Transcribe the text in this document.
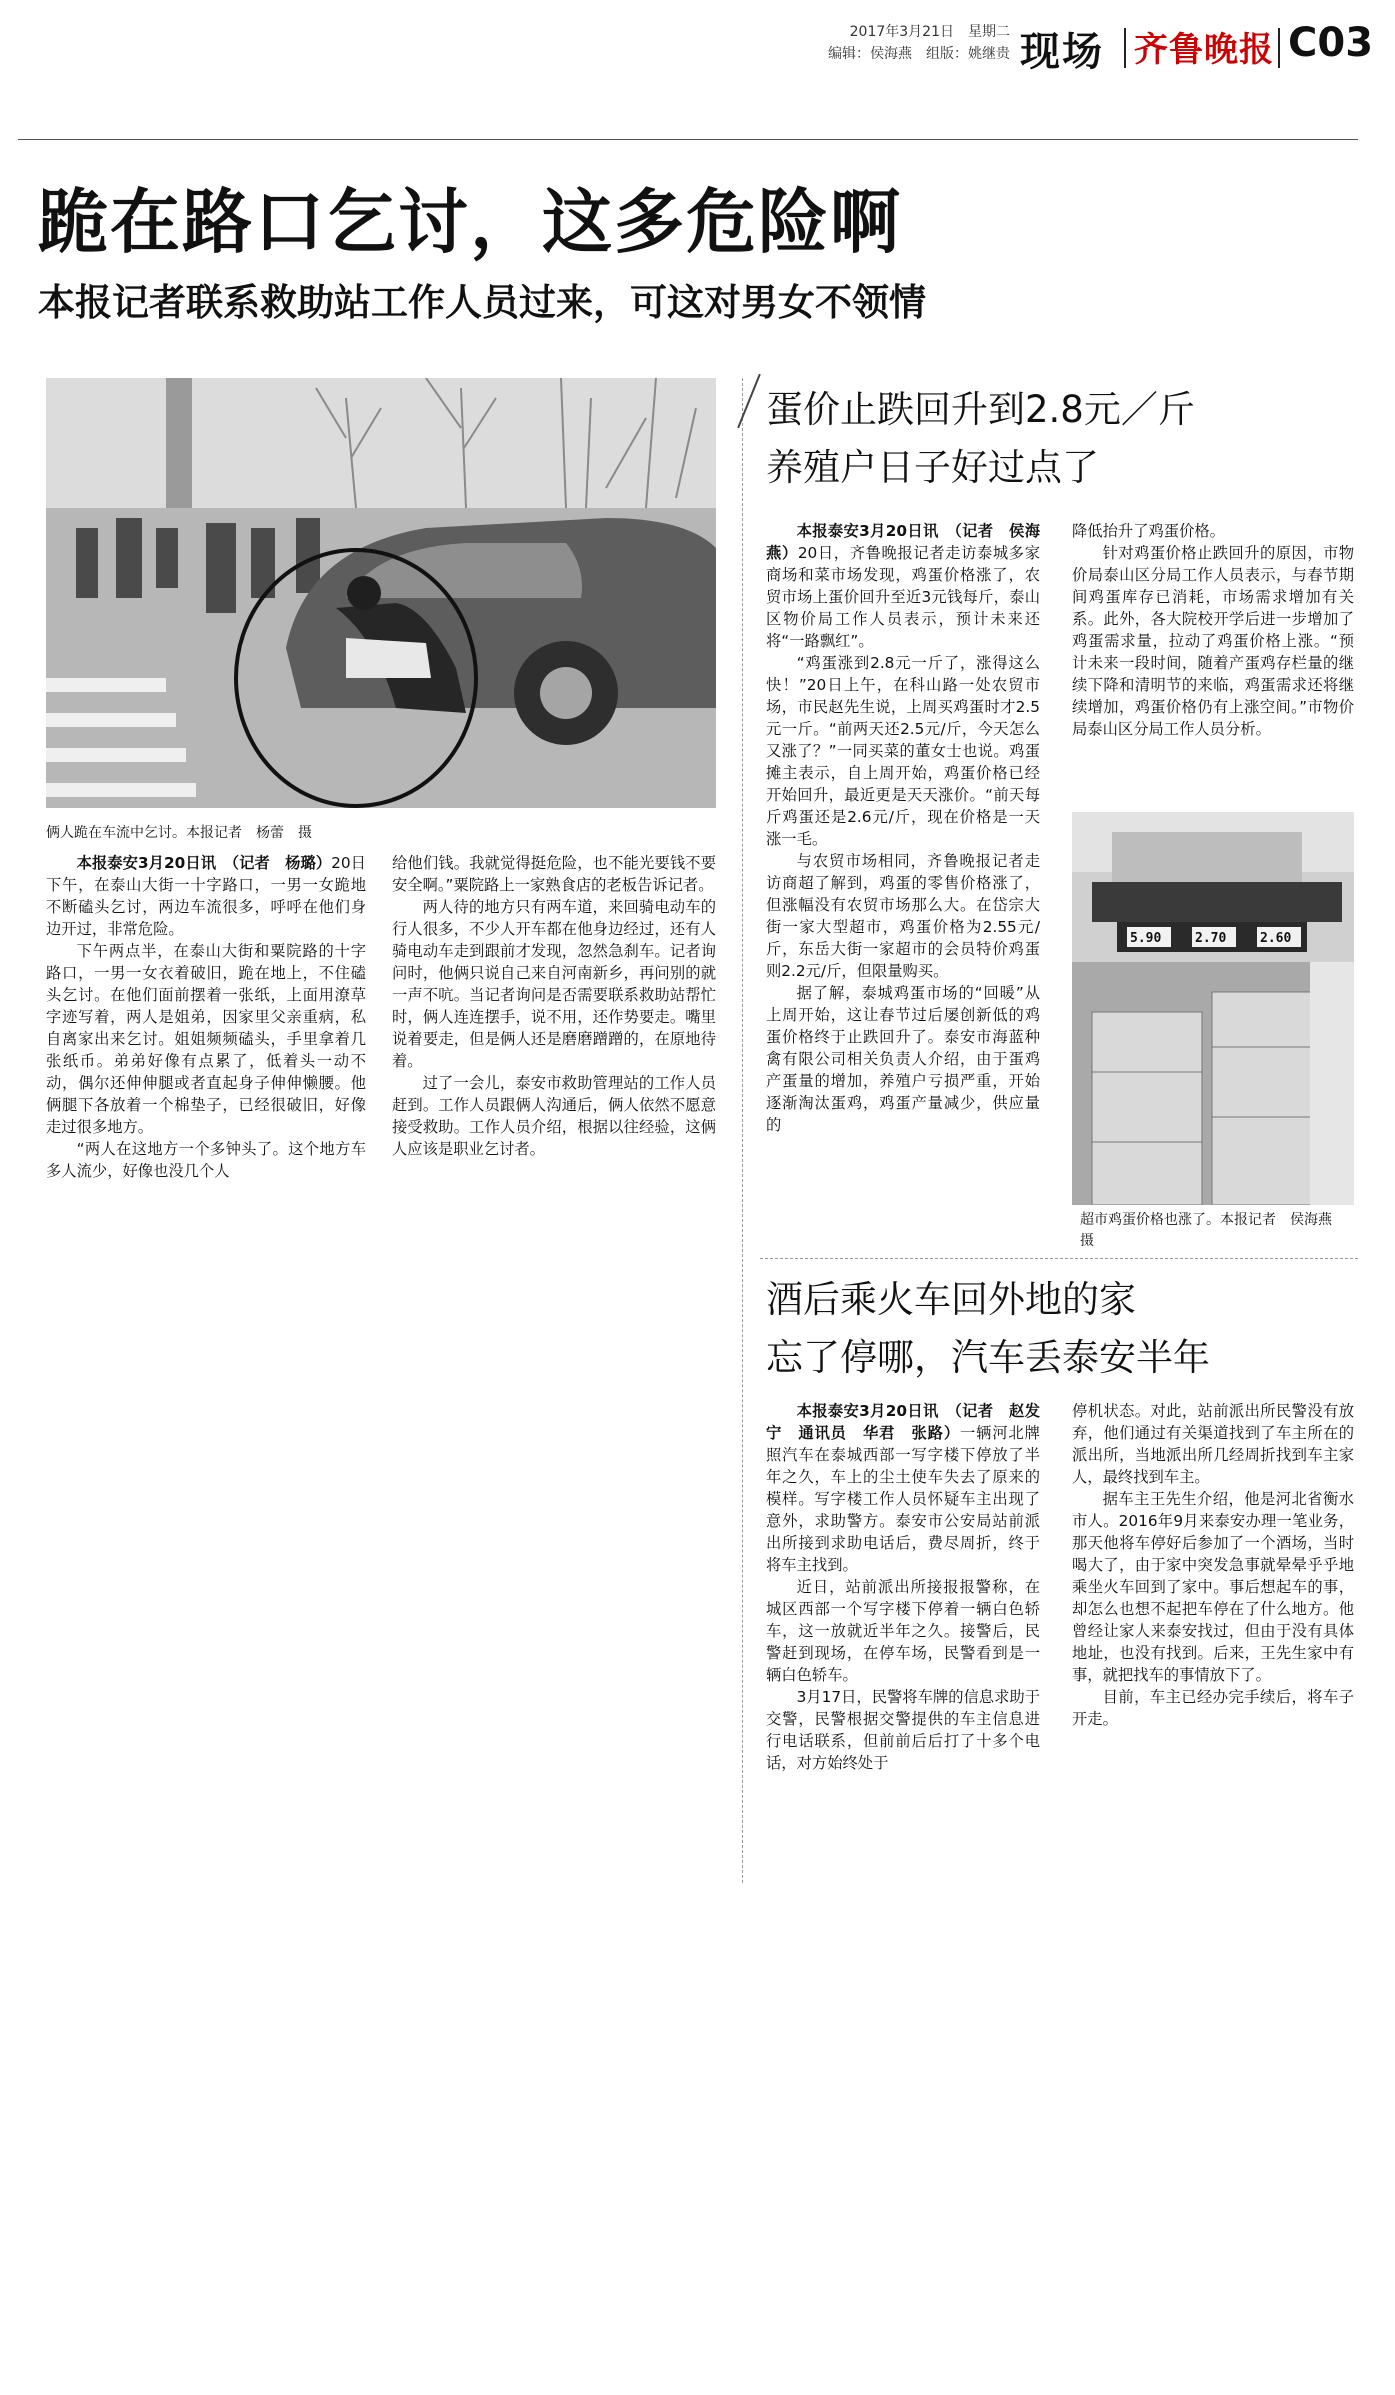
2017年3月21日　星期二
编辑：侯海燕　组版：姚继贵 现场 齐鲁晚报 C03
跪在路口乞讨，这多危险啊
本报记者联系救助站工作人员过来，可这对男女不领情
俩人跪在车流中乞讨。本报记者　杨蕾　摄

本报泰安3月20日讯　（记者　杨璐）20日下午，在泰山大街一十字路口，一男一女跪地不断磕头乞讨，两边车流很多，呼呼在他们身边开过，非常危险。

下午两点半，在泰山大街和粟院路的十字路口，一男一女衣着破旧，跪在地上，不住磕头乞讨。在他们面前摆着一张纸，上面用潦草字迹写着，两人是姐弟，因家里父亲重病，私自离家出来乞讨。姐姐频频磕头，手里拿着几张纸币。弟弟好像有点累了，低着头一动不动，偶尔还伸伸腿或者直起身子伸伸懒腰。他俩腿下各放着一个棉垫子，已经很破旧，好像走过很多地方。

“两人在这地方一个多钟头了。这个地方车多人流少，好像也没几个人

给他们钱。我就觉得挺危险，也不能光要钱不要安全啊。”粟院路上一家熟食店的老板告诉记者。

两人待的地方只有两车道，来回骑电动车的行人很多，不少人开车都在他身边经过，还有人骑电动车走到跟前才发现，忽然急刹车。记者询问时，他俩只说自己来自河南新乡，再问别的就一声不吭。当记者询问是否需要联系救助站帮忙时，俩人连连摆手，说不用，还作势要走。嘴里说着要走，但是俩人还是磨磨蹭蹭的，在原地待着。

过了一会儿，泰安市救助管理站的工作人员赶到。工作人员跟俩人沟通后，俩人依然不愿意接受救助。工作人员介绍，根据以往经验，这俩人应该是职业乞讨者。

蛋价止跌回升到2.8元／斤
养殖户日子好过点了

本报泰安3月20日讯　（记者　侯海燕）20日，齐鲁晚报记者走访泰城多家商场和菜市场发现，鸡蛋价格涨了，农贸市场上蛋价回升至近3元钱每斤，泰山区物价局工作人员表示，预计未来还将“一路飘红”。

“鸡蛋涨到2.8元一斤了，涨得这么快！”20日上午，在科山路一处农贸市场，市民赵先生说，上周买鸡蛋时才2.5元一斤。“前两天还2.5元/斤，今天怎么又涨了？”一同买菜的董女士也说。鸡蛋摊主表示，自上周开始，鸡蛋价格已经开始回升，最近更是天天涨价。“前天每斤鸡蛋还是2.6元/斤，现在价格是一天涨一毛。

与农贸市场相同，齐鲁晚报记者走访商超了解到，鸡蛋的零售价格涨了，但涨幅没有农贸市场那么大。在岱宗大街一家大型超市，鸡蛋价格为2.55元/斤，东岳大街一家超市的会员特价鸡蛋则2.2元/斤，但限量购买。

据了解，泰城鸡蛋市场的“回暖”从上周开始，这让春节过后屡创新低的鸡蛋价格终于止跌回升了。泰安市海蓝种禽有限公司相关负责人介绍，由于蛋鸡产蛋量的增加，养殖户亏损严重，开始逐渐淘汰蛋鸡，鸡蛋产量减少，供应量的

降低抬升了鸡蛋价格。

针对鸡蛋价格止跌回升的原因，市物价局泰山区分局工作人员表示，与春节期间鸡蛋库存已消耗，市场需求增加有关系。此外，各大院校开学后进一步增加了鸡蛋需求量，拉动了鸡蛋价格上涨。“预计未来一段时间，随着产蛋鸡存栏量的继续下降和清明节的来临，鸡蛋需求还将继续增加，鸡蛋价格仍有上涨空间。”市物价局泰山区分局工作人员分析。

5.90	2.70	2.60
超市鸡蛋价格也涨了。本报记者　侯海燕　摄
酒后乘火车回外地的家
忘了停哪，汽车丢泰安半年

本报泰安3月20日讯　（记者　赵发宁　通讯员　华君　张路）一辆河北牌照汽车在泰城西部一写字楼下停放了半年之久，车上的尘土使车失去了原来的模样。写字楼工作人员怀疑车主出现了意外，求助警方。泰安市公安局站前派出所接到求助电话后，费尽周折，终于将车主找到。

近日，站前派出所接报报警称，在城区西部一个写字楼下停着一辆白色轿车，这一放就近半年之久。接警后，民警赶到现场，在停车场，民警看到是一辆白色轿车。

3月17日，民警将车牌的信息求助于交警，民警根据交警提供的车主信息进行电话联系，但前前后后打了十多个电话，对方始终处于

停机状态。对此，站前派出所民警没有放弃，他们通过有关渠道找到了车主所在的派出所，当地派出所几经周折找到车主家人，最终找到车主。

据车主王先生介绍，他是河北省衡水市人。2016年9月来泰安办理一笔业务，那天他将车停好后参加了一个酒场，当时喝大了，由于家中突发急事就晕晕乎乎地乘坐火车回到了家中。事后想起车的事，却怎么也想不起把车停在了什么地方。他曾经让家人来泰安找过，但由于没有具体地址，也没有找到。后来，王先生家中有事，就把找车的事情放下了。

目前，车主已经办完手续后，将车子开走。
